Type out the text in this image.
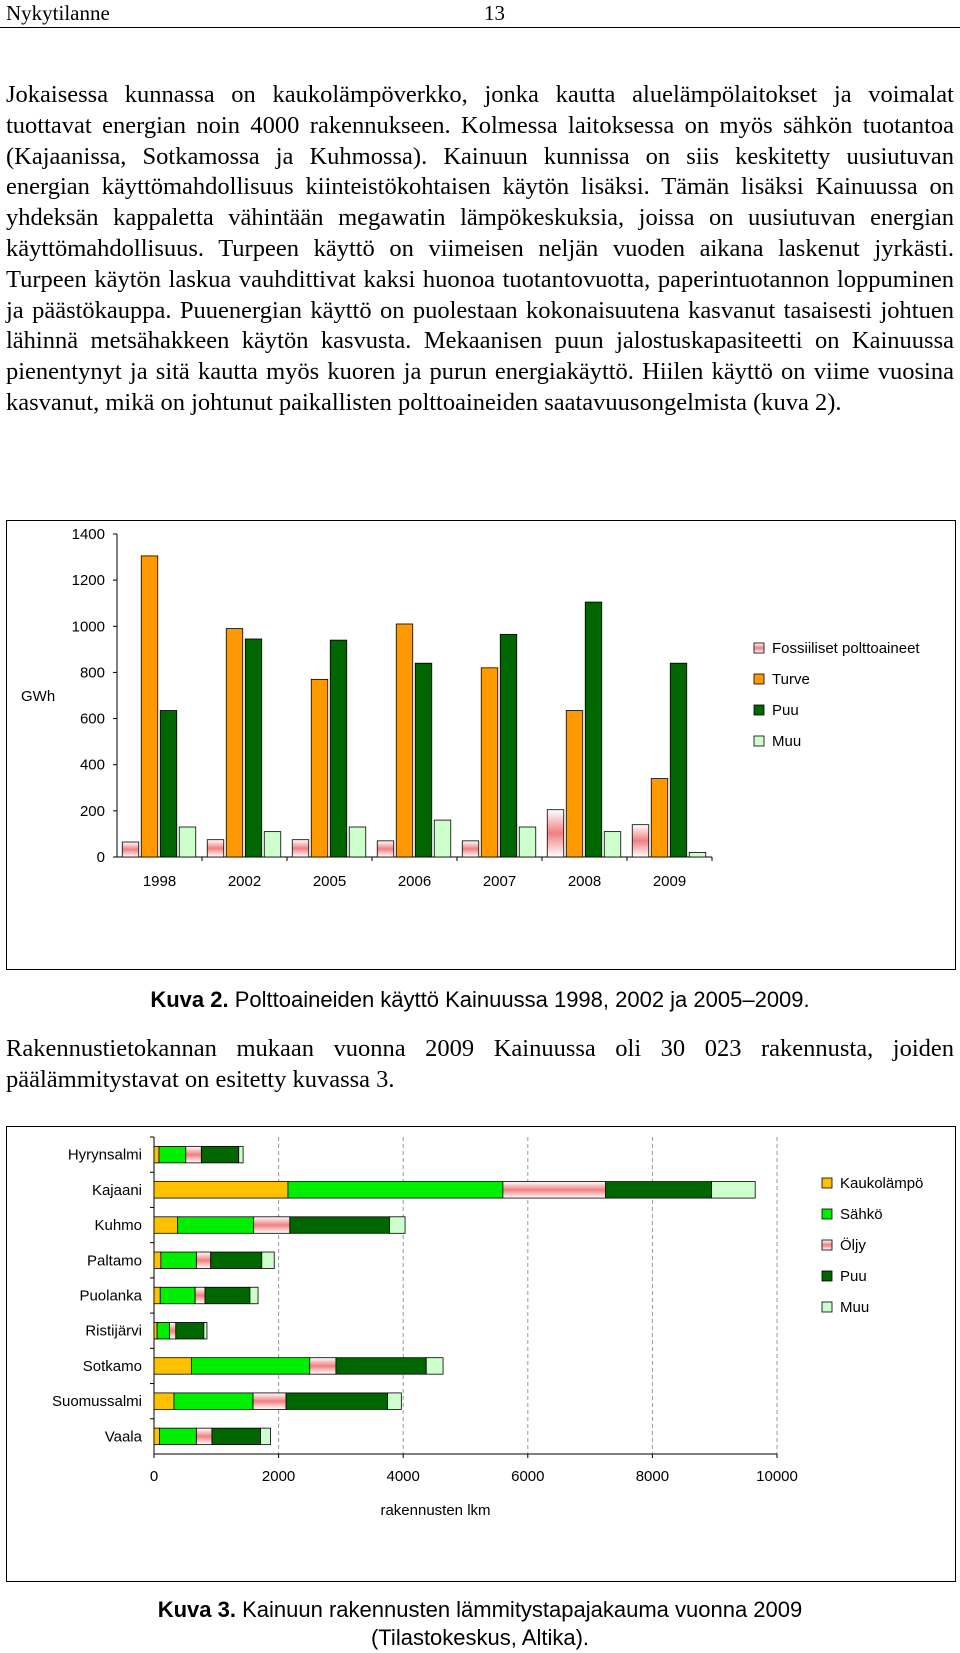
Nykytilanne	13

Jokaisessa kunnassa on kaukolämpöverkko, jonka kautta aluelämpölaitokset ja voimalat tuottavat energian noin 4000 rakennukseen. Kolmessa laitoksessa on myös sähkön tuotantoa (Kajaanissa, Sotkamossa ja Kuhmossa). Kainuun kunnissa on siis keskitetty uusiutuvan energian käyttömahdollisuus kiinteistökohtaisen käytön lisäksi. Tämän lisäksi Kainuussa on yhdeksän kappaletta vähintään megawatin lämpökeskuksia, joissa on uusiutuvan energian käyttömahdollisuus. Turpeen käyttö on viimeisen neljän vuoden aikana laskenut jyrkästi. Turpeen käytön laskua vauhdittivat kaksi huonoa tuotantovuotta, paperintuotannon loppuminen ja päästökauppa. Puuenergian käyttö on puolestaan kokonaisuutena kasvanut tasaisesti johtuen lähinnä metsähakkeen käytön kasvusta. Mekaanisen puun jalostuskapasiteetti on Kainuussa pienentynyt ja sitä kautta myös kuoren ja purun energiakäyttö. Hiilen käyttö on viime vuosina kasvanut, mikä on johtunut paikallisten polttoaineiden saatavuusongelmista (kuva 2).

0
200
400
600
800
1000
1200
1400
GWh
1998	2002	2005	2006	2007	2008	2009
Fossiiliset polttoaineet
Turve
Puu
Muu
Kuva 2. Polttoaineiden käyttö Kainuussa 1998, 2002 ja 2005–2009.

Rakennustietokannan mukaan vuonna 2009 Kainuussa oli 30 023 rakennusta, joiden päälämmitystavat on esitetty kuvassa 3.

0	2000	4000	6000	8000	10000
rakennusten lkm
Hyrynsalmi
Kajaani
Kuhmo
Paltamo
Puolanka
Ristijärvi
Sotkamo
Suomussalmi
Vaala
Kaukolämpö
Sähkö
Öljy
Puu
Muu
Kuva 3. Kainuun rakennusten lämmitystapajakauma vuonna 2009
(Tilastokeskus, Altika).
